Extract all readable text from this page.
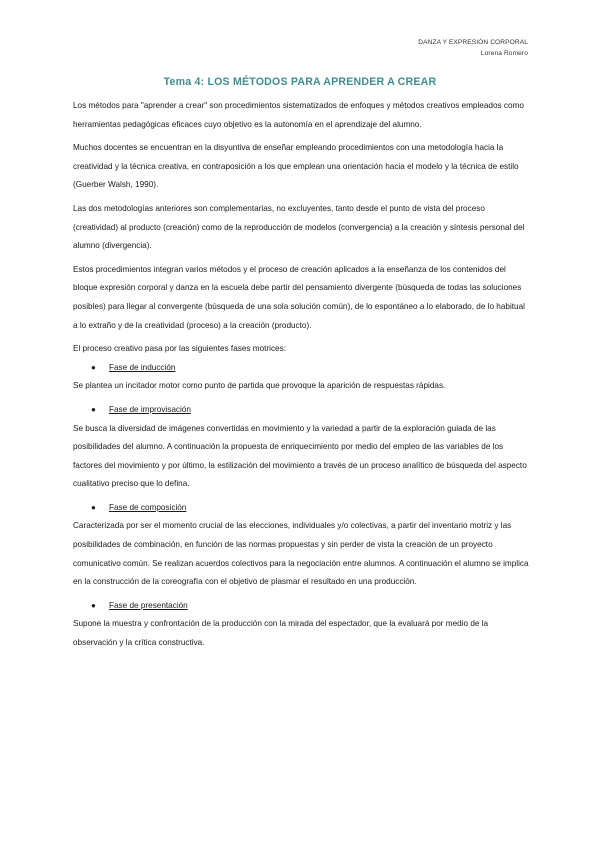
DANZA Y EXPRESIÓN CORPORAL
Lorena Romero
Tema 4: LOS MÉTODOS PARA APRENDER A CREAR

Los métodos para "aprender a crear" son procedimientos sistematizados de enfoques y métodos creativos empleados como herramientas pedagógicas eficaces cuyo objetivo es la autonomía en el aprendizaje del alumno.

Muchos docentes se encuentran en la disyuntiva de enseñar empleando procedimientos con una metodología hacia la creatividad y la técnica creativa, en contraposición a los que emplean una orientación hacia el modelo y la técnica de estilo (Guerber Walsh, 1990).

Las dos metodologías anteriores son complementarias, no excluyentes, tanto desde el punto de vista del proceso (creatividad) al producto (creación) como de la reproducción de modelos (convergencia) a la creación y síntesis personal del alumno (divergencia).

Estos procedimientos integran varios métodos y el proceso de creación aplicados a la enseñanza de los contenidos del bloque expresión corporal y danza en la escuela debe partir del pensamiento divergente (búsqueda de todas las soluciones posibles) para llegar al convergente (búsqueda de una sola solución común), de lo espontáneo a lo elaborado, de lo habitual a lo extraño y de la creatividad (proceso) a la creación (producto).

El proceso creativo pasa por las siguientes fases motrices:

● Fase de inducción

Se plantea un incitador motor como punto de partida que provoque la aparición de respuestas rápidas.

● Fase de improvisación

Se busca la diversidad de imágenes convertidas en movimiento y la variedad a partir de la exploración guiada de las posibilidades del alumno. A continuación la propuesta de enriquecimiento por medio del empleo de las variables de los factores del movimiento y por último, la estilización del movimiento a través de un proceso analítico de búsqueda del aspecto cualitativo preciso que lo defina.

● Fase de composición

Caracterizada por ser el momento crucial de las elecciones, individuales y/o colectivas, a partir del inventario motriz y las posibilidades de combinación, en función de las normas propuestas y sin perder de vista la creación de un proyecto comunicativo común. Se realizan acuerdos colectivos para la negociación entre alumnos. A continuación el alumno se implica en la construcción de la coreografía con el objetivo de plasmar el resultado en una producción.

● Fase de presentación

Supone la muestra y confrontación de la producción con la mirada del espectador, que la evaluará por medio de la observación y la crítica constructiva.
